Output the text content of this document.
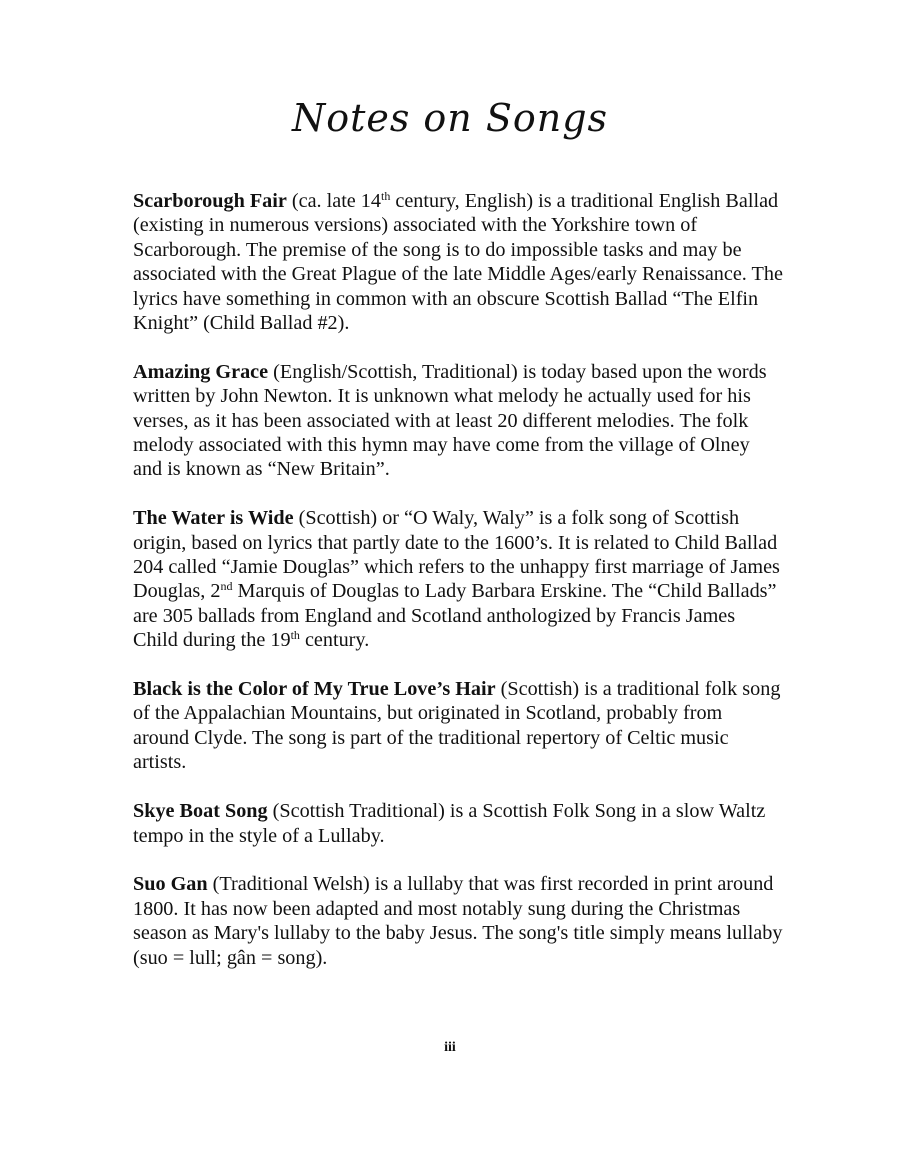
Notes on Songs

Scarborough Fair (ca. late 14th century, English) is a traditional English Ballad (existing in numerous versions) associated with the Yorkshire town of Scarborough. The premise of the song is to do impossible tasks and may be associated with the Great Plague of the late Middle Ages/early Renaissance. The lyrics have something in common with an obscure Scottish Ballad “The Elfin Knight” (Child Ballad #2).

Amazing Grace (English/Scottish, Traditional) is today based upon the words written by John Newton. It is unknown what melody he actually used for his verses, as it has been associated with at least 20 different melodies. The folk melody associated with this hymn may have come from the village of Olney and is known as “New Britain”.

The Water is Wide (Scottish) or “O Waly, Waly” is a folk song of Scottish origin, based on lyrics that partly date to the 1600’s. It is related to Child Ballad 204 called “Jamie Douglas” which refers to the unhappy first marriage of James Douglas, 2nd Marquis of Douglas to Lady Barbara Erskine. The “Child Ballads” are 305 ballads from England and Scotland anthologized by Francis James Child during the 19th century.

Black is the Color of My True Love’s Hair (Scottish) is a traditional folk song of the Appalachian Mountains, but originated in Scotland, probably from around Clyde. The song is part of the traditional repertory of Celtic music artists.

Skye Boat Song (Scottish Traditional) is a Scottish Folk Song in a slow Waltz tempo in the style of a Lullaby.

Suo Gan (Traditional Welsh) is a lullaby that was first recorded in print around 1800. It has now been adapted and most notably sung during the Christmas season as Mary's lullaby to the baby Jesus. The song's title simply means lullaby (suo = lull; gân = song).

iii
